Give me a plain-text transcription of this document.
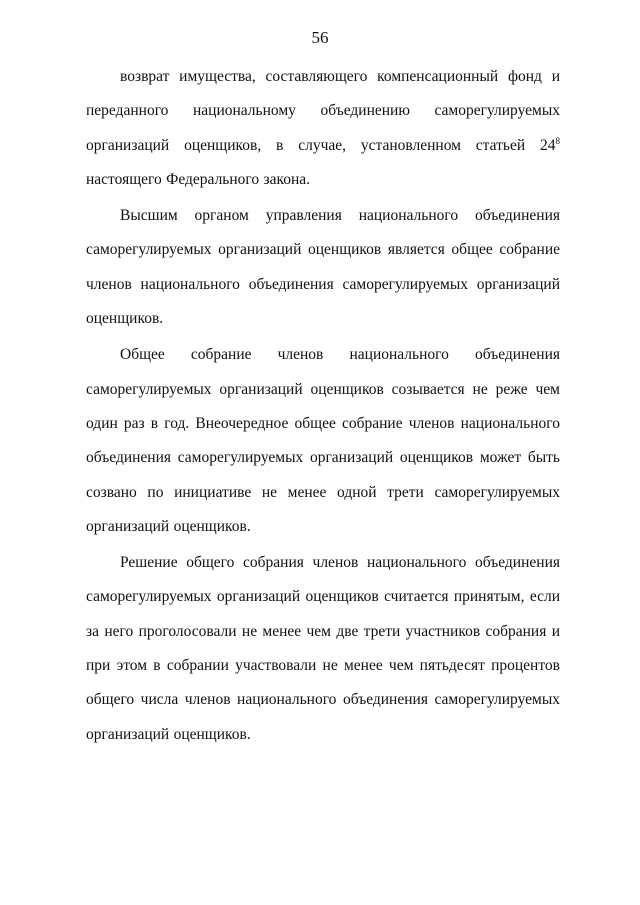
56

возврат имущества, составляющего компенсационный фонд и переданного национальному объединению саморегулируемых организаций оценщиков, в случае, установленном статьей $24^8$ настоящего Федерального закона.

Высшим органом управления национального объединения саморегулируемых организаций оценщиков является общее собрание членов национального объединения саморегулируемых организаций оценщиков.

Общее собрание членов национального объединения саморегулируемых организаций оценщиков созывается не реже чем один раз в год. Внеочередное общее собрание членов национального объединения саморегулируемых организаций оценщиков может быть созвано по инициативе не менее одной трети саморегулируемых организаций оценщиков.

Решение общего собрания членов национального объединения саморегулируемых организаций оценщиков считается принятым, если за него проголосовали не менее чем две трети участников собрания и при этом в собрании участвовали не менее чем пятьдесят процентов общего числа членов национального объединения саморегулируемых организаций оценщиков.
